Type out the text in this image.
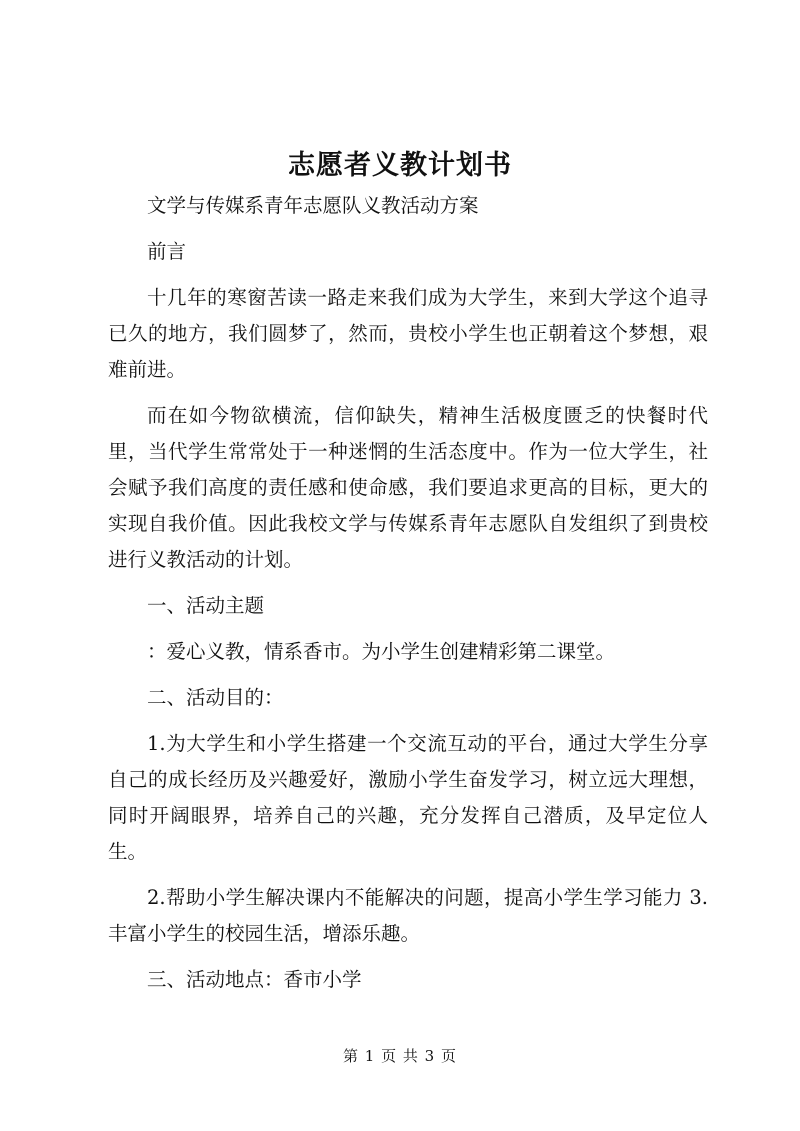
志愿者义教计划书

文学与传媒系青年志愿队义教活动方案

前言

十几年的寒窗苦读一路走来我们成为大学生，来到大学这个追寻已久的地方，我们圆梦了，然而，贵校小学生也正朝着这个梦想，艰难前进。

而在如今物欲横流，信仰缺失，精神生活极度匮乏的快餐时代里，当代学生常常处于一种迷惘的生活态度中。作为一位大学生，社会赋予我们高度的责任感和使命感，我们要追求更高的目标，更大的实现自我价值。因此我校文学与传媒系青年志愿队自发组织了到贵校进行义教活动的计划。

一、活动主题

：爱心义教，情系香市。为小学生创建精彩第二课堂。

二、活动目的：

1.为大学生和小学生搭建一个交流互动的平台，通过大学生分享自己的成长经历及兴趣爱好，激励小学生奋发学习，树立远大理想，同时开阔眼界，培养自己的兴趣，充分发挥自己潜质，及早定位人生。

2.帮助小学生解决课内不能解决的问题，提高小学生学习能力 3.丰富小学生的校园生活，增添乐趣。

三、活动地点：香市小学

第 1 页 共 3 页
